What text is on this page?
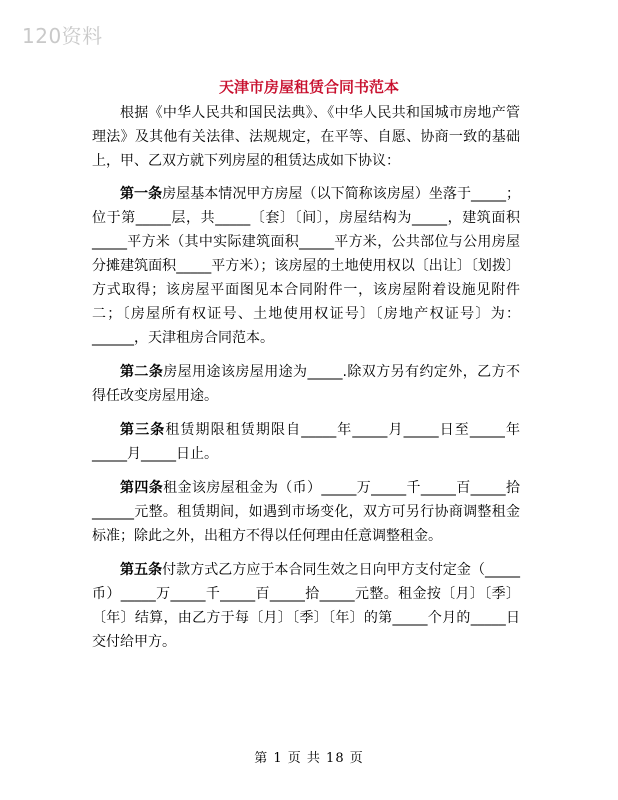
120资料
天津市房屋租赁合同书范本

根据《中华人民共和国民法典》、《中华人民共和国城市房地产管理法》及其他有关法律、法规规定，在平等、自愿、协商一致的基础上，甲、乙双方就下列房屋的租赁达成如下协议：

第一条房屋基本情况甲方房屋（以下简称该房屋）坐落于_____；位于第_____层，共_____〔套〕〔间〕，房屋结构为_____，建筑面积_____平方米（其中实际建筑面积_____平方米，公共部位与公用房屋分摊建筑面积_____平方米）；该房屋的土地使用权以〔出让〕〔划拨〕方式取得；该房屋平面图见本合同附件一，该房屋附着设施见附件二；〔房屋所有权证号、土地使用权证号〕〔房地产权证号〕为：______，天津租房合同范本。

第二条房屋用途该房屋用途为_____.除双方另有约定外，乙方不得任改变房屋用途。

第三条租赁期限租赁期限自_____年_____月_____日至_____年_____月_____日止。

第四条租金该房屋租金为（币）_____万_____千_____百_____拾______元整。租赁期间，如遇到市场变化，双方可另行协商调整租金标准；除此之外，出租方不得以任何理由任意调整租金。

第五条付款方式乙方应于本合同生效之日向甲方支付定金（_____币）_____万_____千_____百_____拾_____元整。租金按〔月〕〔季〕〔年〕结算，由乙方于每〔月〕〔季〕〔年〕的第_____个月的_____日交付给甲方。

第 1 页 共 18 页
